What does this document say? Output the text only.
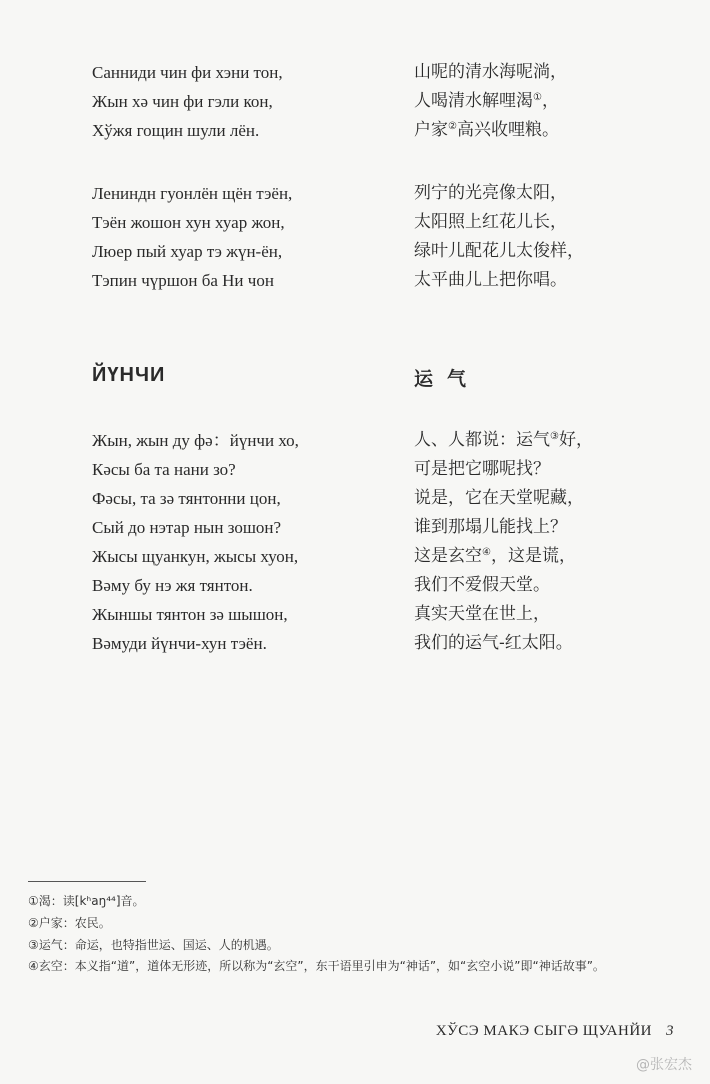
Санниди чин фи хэни тон,
Жын хә чин фи гэли кон,
Хўжя гощин шули лён.
山呢的清水海呢淌，
人喝清水解哩渴①，
户家②高兴收哩粮。
Лениндн гуонлён щён тэён,
Тэён жошон хун хуар жон,
Люер пый хуар тэ жүн-ён,
Тэпин чүршон ба Ни чон
列宁的光亮像太阳，
太阳照上红花儿长，
绿叶儿配花儿太俊样，
太平曲儿上把你唱。
ЙҮНЧИ	运气
Жын, жын ду фә：йүнчи хо,
Кәсы ба та нани зо?
Фәсы, та зә тянтонни цон,
Сый до нэтар нын зошон?
Жысы щуанкун, жысы хуон,
Вәму бу нэ жя тянтон.
Жыншы тянтон зә шышон,
Вәмуди йүнчи-хун тэён.
人、人都说：运气③好，
可是把它哪呢找？
说是，它在天堂呢藏，
谁到那塌儿能找上？
这是玄空④，这是谎，
我们不爱假天堂。
真实天堂在世上，
我们的运气-红太阳。
①渴：读[kʰaŋ⁴⁴]音。
②户家：农民。
③运气：命运，也特指世运、国运、人的机遇。
④玄空：本义指“道”，道体无形迹，所以称为“玄空”，东干语里引申为“神话”，如“玄空小说”即“神话故事”。
ХЎСЭ МАКЭ СЫГӘ ЩУАНЙИ 3
@张宏杰
